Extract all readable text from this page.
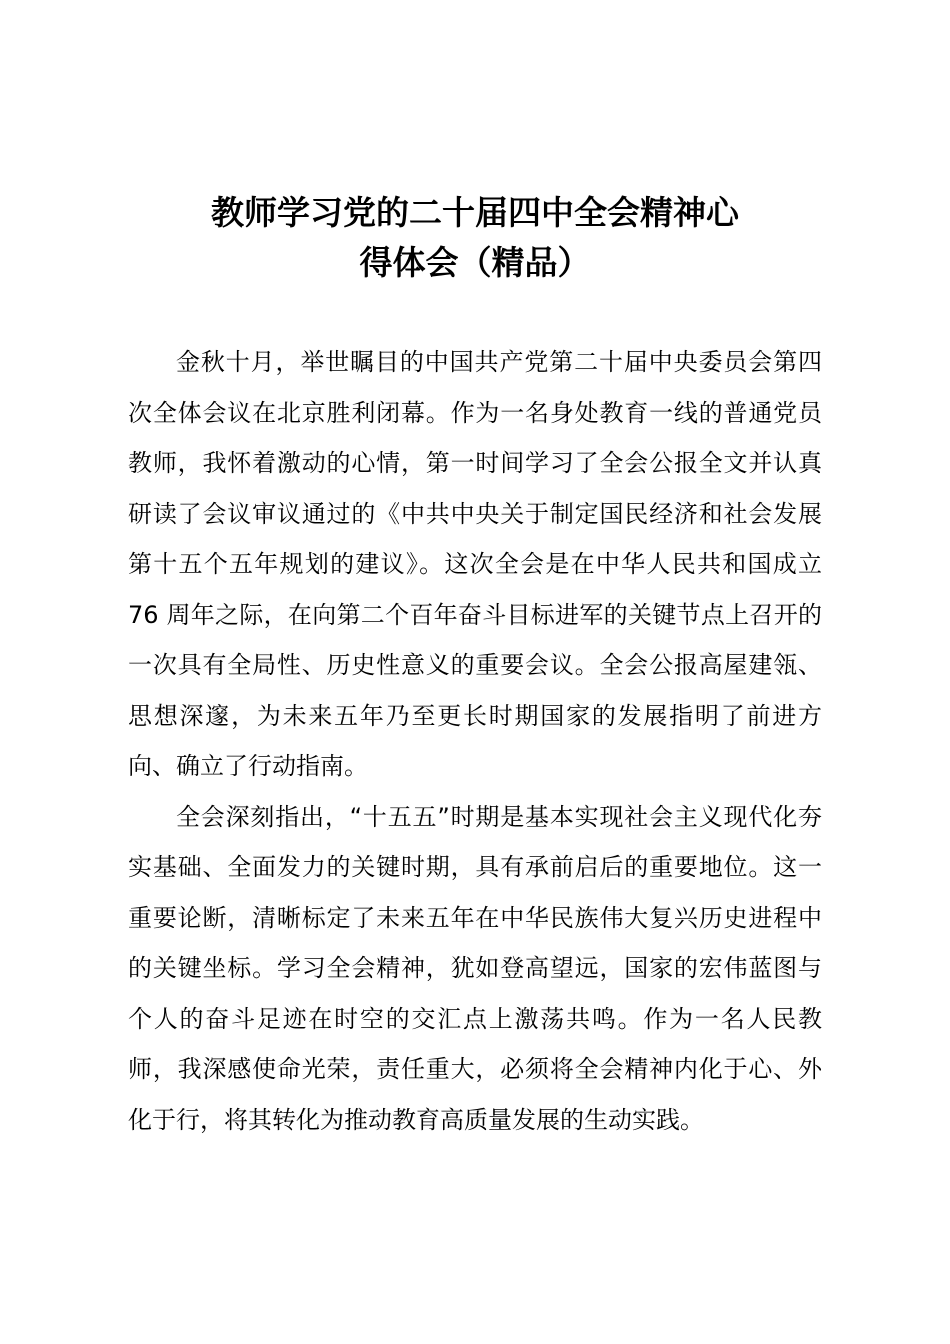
教师学习党的二十届四中全会精神心
得体会（精品）

金秋十月，举世瞩目的中国共产党第二十届中央委员会第四次全体会议在北京胜利闭幕。作为一名身处教育一线的普通党员教师，我怀着激动的心情，第一时间学习了全会公报全文并认真研读了会议审议通过的《中共中央关于制定国民经济和社会发展第十五个五年规划的建议》。这次全会是在中华人民共和国成立 76 周年之际，在向第二个百年奋斗目标进军的关键节点上召开的一次具有全局性、历史性意义的重要会议。全会公报高屋建瓴、思想深邃，为未来五年乃至更长时期国家的发展指明了前进方向、确立了行动指南。

全会深刻指出，“十五五”时期是基本实现社会主义现代化夯实基础、全面发力的关键时期，具有承前启后的重要地位。这一重要论断，清晰标定了未来五年在中华民族伟大复兴历史进程中的关键坐标。学习全会精神，犹如登高望远，国家的宏伟蓝图与个人的奋斗足迹在时空的交汇点上激荡共鸣。作为一名人民教师，我深感使命光荣，责任重大，必须将全会精神内化于心、外化于行，将其转化为推动教育高质量发展的生动实践。
